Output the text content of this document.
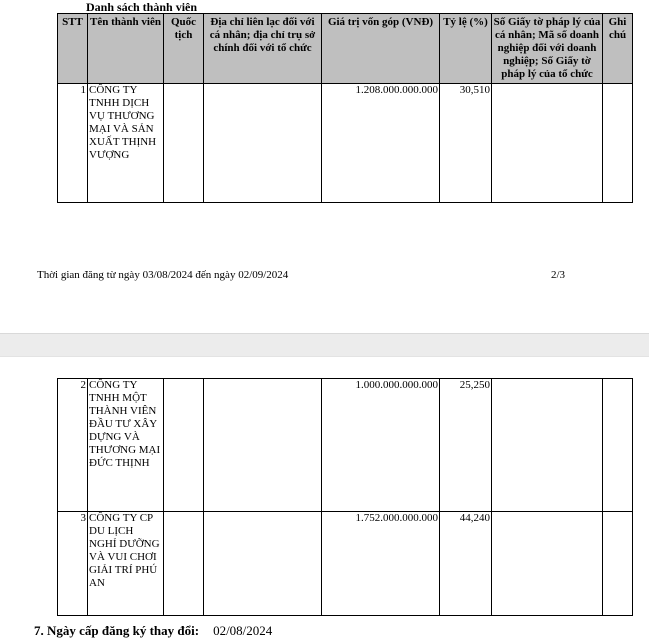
Danh sách thành viên
STT	Tên thành viên	Quốc tịch	Địa chỉ liên lạc đối với cá nhân; địa chỉ trụ sở chính đối với tổ chức	Giá trị vốn góp (VNĐ)	Tỷ lệ (%)	Số Giấy tờ pháp lý của cá nhân; Mã số doanh nghiệp đối với doanh nghiệp; Số Giấy tờ pháp lý của tổ chức	Ghi chú
1	CÔNG TY TNHH DỊCH VỤ THƯƠNG MẠI VÀ SẢN XUẤT THỊNH VƯỢNG			1.208.000.000.000	30,510		
Thời gian đăng từ ngày 03/08/2024 đến ngày 02/09/2024	2/3
2	CÔNG TY TNHH MỘT THÀNH VIÊN ĐẦU TƯ XÂY DỰNG VÀ THƯƠNG MẠI ĐỨC THỊNH			1.000.000.000.000	25,250		
3	CÔNG TY CP DU LỊCH NGHỈ DƯỠNG VÀ VUI CHƠI GIẢI TRÍ PHÚ AN			1.752.000.000.000	44,240		
7. Ngày cấp đăng ký thay đổi: 02/08/2024
